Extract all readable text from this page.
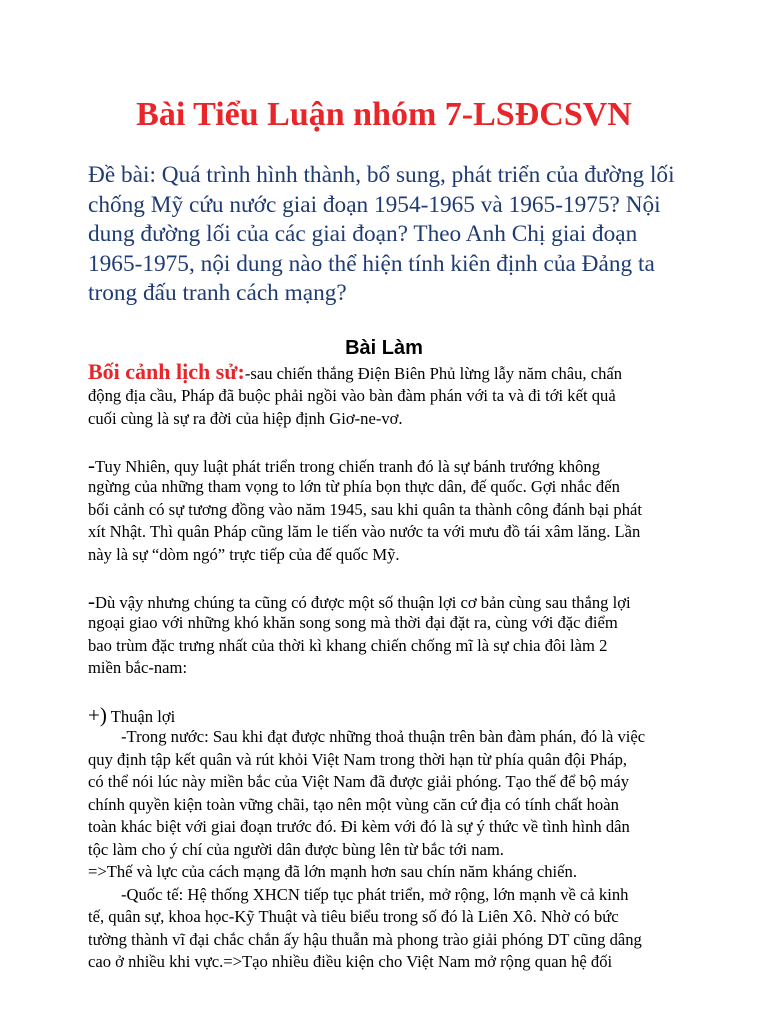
Bài Tiểu Luận nhóm 7-LSĐCSVN
Đề bài: Quá trình hình thành, bổ sung, phát triển của đường lối
chống Mỹ cứu nước giai đoạn 1954-1965 và 1965-1975? Nội
dung đường lối của các giai đoạn? Theo Anh Chị giai đoạn
1965-1975, nội dung nào thể hiện tính kiên định của Đảng ta
trong đấu tranh cách mạng?
Bài Làm
Bối cảnh lịch sử:-sau chiến thắng Điện Biên Phủ lừng lẫy năm châu, chấn
động địa cầu, Pháp đã buộc phải ngồi vào bàn đàm phán với ta và đi tới kết quả
cuối cùng là sự ra đời của hiệp định Giơ-ne-vơ.
-Tuy Nhiên, quy luật phát triển trong chiến tranh đó là sự bánh trướng không
ngừng của những tham vọng to lớn từ phía bọn thực dân, đế quốc. Gợi nhắc đến
bối cảnh có sự tương đồng vào năm 1945, sau khi quân ta thành công đánh bại phát
xít Nhật. Thì quân Pháp cũng lăm le tiến vào nước ta với mưu đồ tái xâm lăng. Lần
này là sự “dòm ngó” trực tiếp của đế quốc Mỹ.
-Dù vậy nhưng chúng ta cũng có được một số thuận lợi cơ bản cùng sau thắng lợi
ngoại giao với những khó khăn song song mà thời đại đặt ra, cùng với đặc điểm
bao trùm đặc trưng nhất của thời kì khang chiến chống mĩ là sự chia đôi làm 2
miền bắc-nam:
+) Thuận lợi
-Trong nước: Sau khi đạt được những thoả thuận trên bàn đàm phán, đó là việc
quy định tập kết quân và rút khỏi Việt Nam trong thời hạn từ phía quân đội Pháp,
có thể nói lúc này miền bắc của Việt Nam đã được giải phóng. Tạo thế để bộ máy
chính quyền kiện toàn vững chãi, tạo nên một vùng căn cứ địa có tính chất hoàn
toàn khác biệt với giai đoạn trước đó. Đi kèm với đó là sự ý thức về tình hình dân
tộc làm cho ý chí của người dân được bùng lên từ bắc tới nam.
=>Thế và lực của cách mạng đã lớn mạnh hơn sau chín năm kháng chiến.
-Quốc tế: Hệ thống XHCN tiếp tục phát triển, mở rộng, lớn mạnh về cả kinh
tế, quân sự, khoa học-Kỹ Thuật và tiêu biểu trong số đó là Liên Xô. Nhờ có bức
tường thành vĩ đại chắc chắn ấy hậu thuẫn mà phong trào giải phóng DT cũng dâng
cao ở nhiều khi vực.=>Tạo nhiều điều kiện cho Việt Nam mở rộng quan hệ đối
